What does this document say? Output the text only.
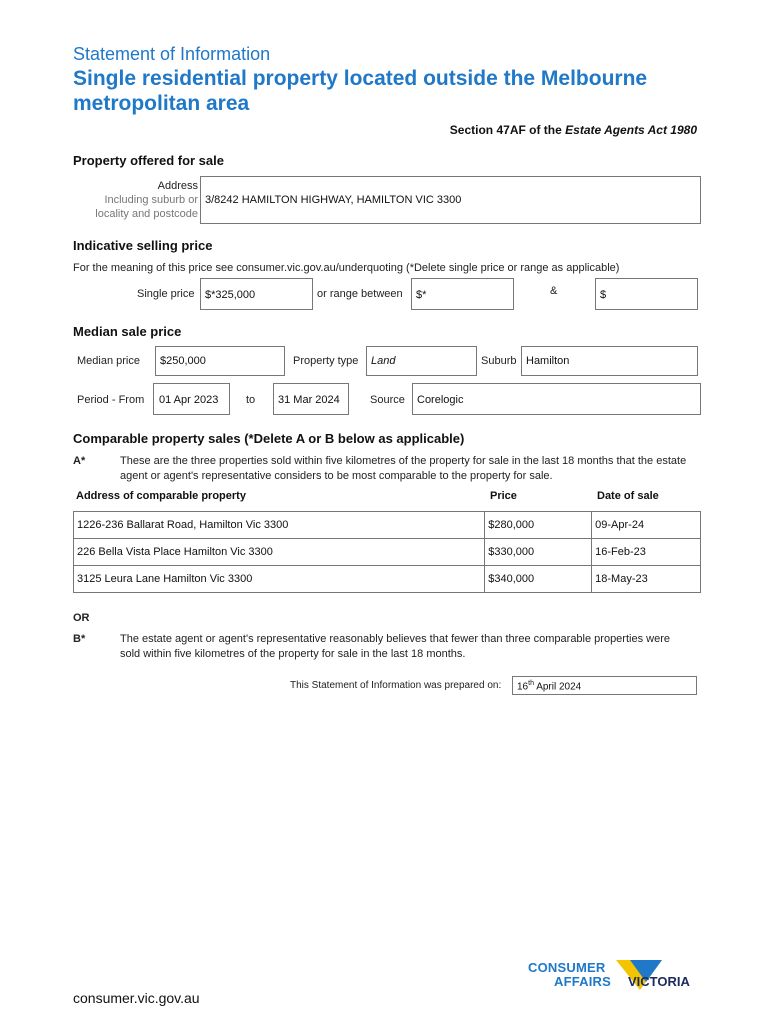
Statement of Information
Single residential property located outside the Melbourne metropolitan area
Section 47AF of the Estate Agents Act 1980
Property offered for sale
Address
Including suburb or
locality and postcode
3/8242 HAMILTON HIGHWAY, HAMILTON VIC 3300
Indicative selling price
For the meaning of this price see consumer.vic.gov.au/underquoting (*Delete single price or range as applicable)
Single price $*325,000	or range between $*	&	$
Median sale price
Median price $250,000	Property type Land	Suburb Hamilton
Period - From 01 Apr 2023	to 31 Mar 2024	Source Corelogic
Comparable property sales (*Delete A or B below as applicable)
A*	These are the three properties sold within five kilometres of the property for sale in the last 18 months that the estate agent or agent's representative considers to be most comparable to the property for sale.
Address of comparable property	Price	Date of sale
1226-236 Ballarat Road, Hamilton Vic 3300	$280,000	09-Apr-24
226 Bella Vista Place Hamilton Vic 3300	$330,000	16-Feb-23
3125 Leura Lane Hamilton Vic 3300	$340,000	18-May-23
OR
B*	The estate agent or agent's representative reasonably believes that fewer than three comparable properties were sold within five kilometres of the property for sale in the last 18 months.
This Statement of Information was prepared on: 16th April 2024
consumer.vic.gov.au
CONSUMER
AFFAIRS VICTORIA
